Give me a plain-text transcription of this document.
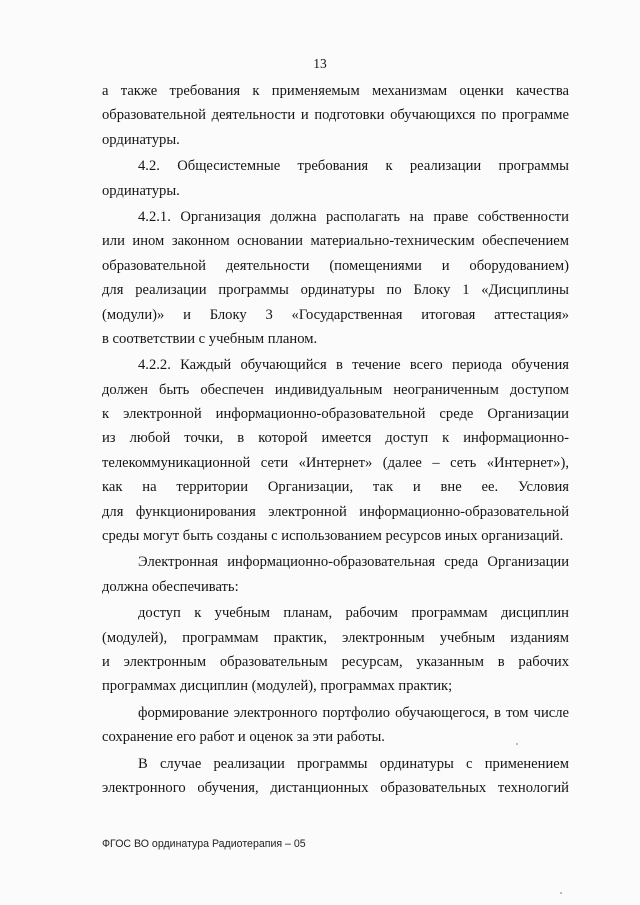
13
а также требования к применяемым механизмам оценки качества
образовательной деятельности и подготовки обучающихся по программе
ординатуры.
4.2. Общесистемные требования к реализации программы
ординатуры.
4.2.1. Организация должна располагать на праве собственности
или ином законном основании материально-техническим обеспечением
образовательной деятельности (помещениями и оборудованием)
для реализации программы ординатуры по Блоку 1 «Дисциплины
(модули)» и Блоку 3 «Государственная итоговая аттестация»
в соответствии с учебным планом.
4.2.2. Каждый обучающийся в течение всего периода обучения
должен быть обеспечен индивидуальным неограниченным доступом
к электронной информационно-образовательной среде Организации
из любой точки, в которой имеется доступ к информационно-
телекоммуникационной сети «Интернет» (далее – сеть «Интернет»),
как на территории Организации, так и вне ее. Условия
для функционирования электронной информационно-образовательной
среды могут быть созданы с использованием ресурсов иных организаций.
Электронная информационно-образовательная среда Организации
должна обеспечивать:
доступ к учебным планам, рабочим программам дисциплин
(модулей), программам практик, электронным учебным изданиям
и электронным образовательным ресурсам, указанным в рабочих
программах дисциплин (модулей), программах практик;
формирование электронного портфолио обучающегося, в том числе
сохранение его работ и оценок за эти работы.
В случае реализации программы ординатуры с применением
электронного обучения, дистанционных образовательных технологий
ФГОС ВО ординатура Радиотерапия – 05
